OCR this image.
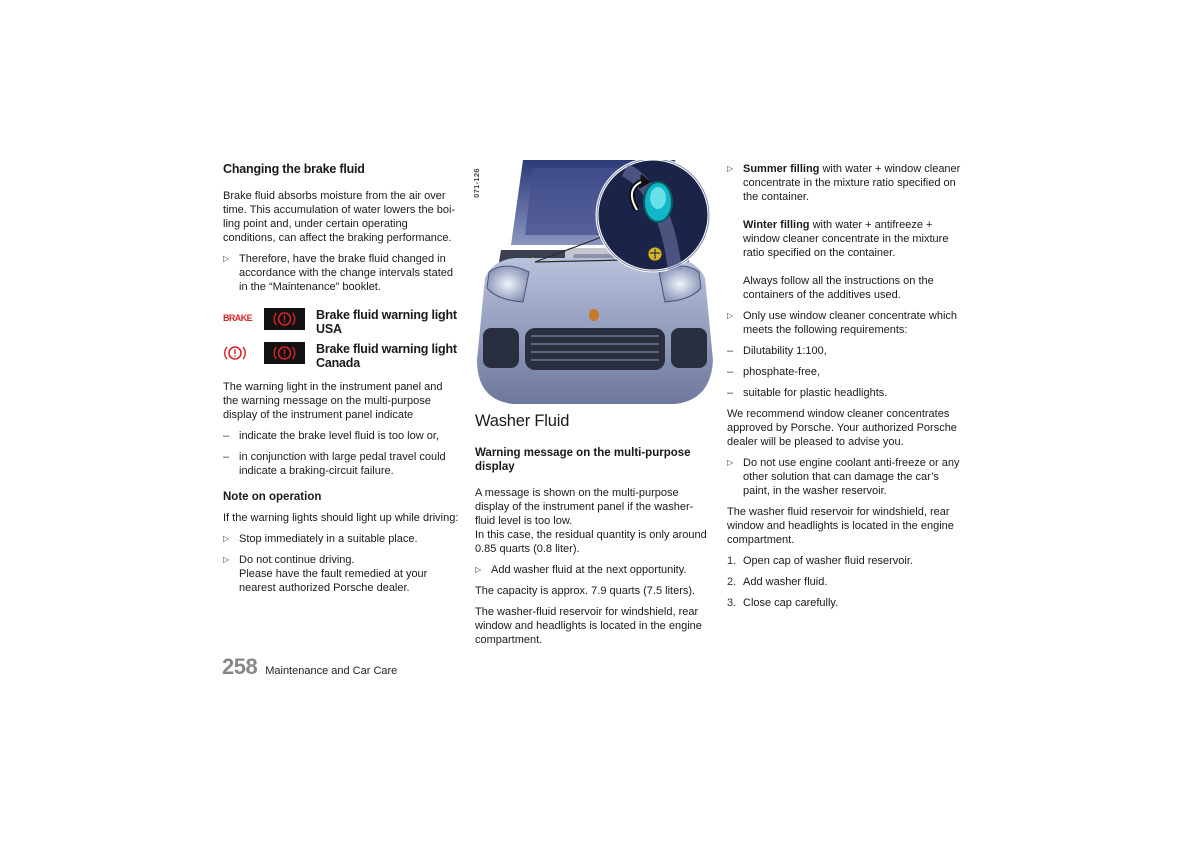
Changing the brake fluid

Brake fluid absorbs moisture from the air over time. This accumulation of water lowers the boi-ling point and, under certain operating conditions, can affect the braking performance.

▷ Therefore, have the brake fluid changed in accordance with the change intervals stated in the “Maintenance” booklet.
BRAKE	Brake fluid warning light
USA
Brake fluid warning light
Canada

The warning light in the instrument panel and the warning message on the multi-purpose display of the instrument panel indicate

– indicate the brake level fluid is too low or,
– in conjunction with large pedal travel could indicate a braking-circuit failure.
Note on operation

If the warning lights should light up while driving:

▷ Stop immediately in a suitable place.
▷ Do not continue driving.
Please have the fault remedied at your nearest authorized Porsche dealer.
071-126
Washer Fluid
Warning message on the multi-purpose display

A message is shown on the multi-purpose display of the instrument panel if the washer-fluid level is too low.

In this case, the residual quantity is only around 0.85 quarts (0.8 liter).

▷ Add washer fluid at the next opportunity.

The capacity is approx. 7.9 quarts (7.5 liters).

The washer-fluid reservoir for windshield, rear window and headlights is located in the engine compartment.

▷ Summer filling with water + window cleaner concentrate in the mixture ratio specified on the container.
Winter filling with water + antifreeze + window cleaner concentrate in the mixture ratio specified on the container.
Always follow all the instructions on the containers of the additives used.
▷ Only use window cleaner concentrate which meets the following requirements:
– Dilutability 1:100,
– phosphate-free,
– suitable for plastic headlights.

We recommend window cleaner concentrates approved by Porsche. Your authorized Porsche dealer will be pleased to advise you.

▷ Do not use engine coolant anti-freeze or any other solution that can damage the car’s paint, in the washer reservoir.

The washer fluid reservoir for windshield, rear window and headlights is located in the engine compartment.

1. Open cap of washer fluid reservoir.
2. Add washer fluid.
3. Close cap carefully.
258 Maintenance and Car Care
